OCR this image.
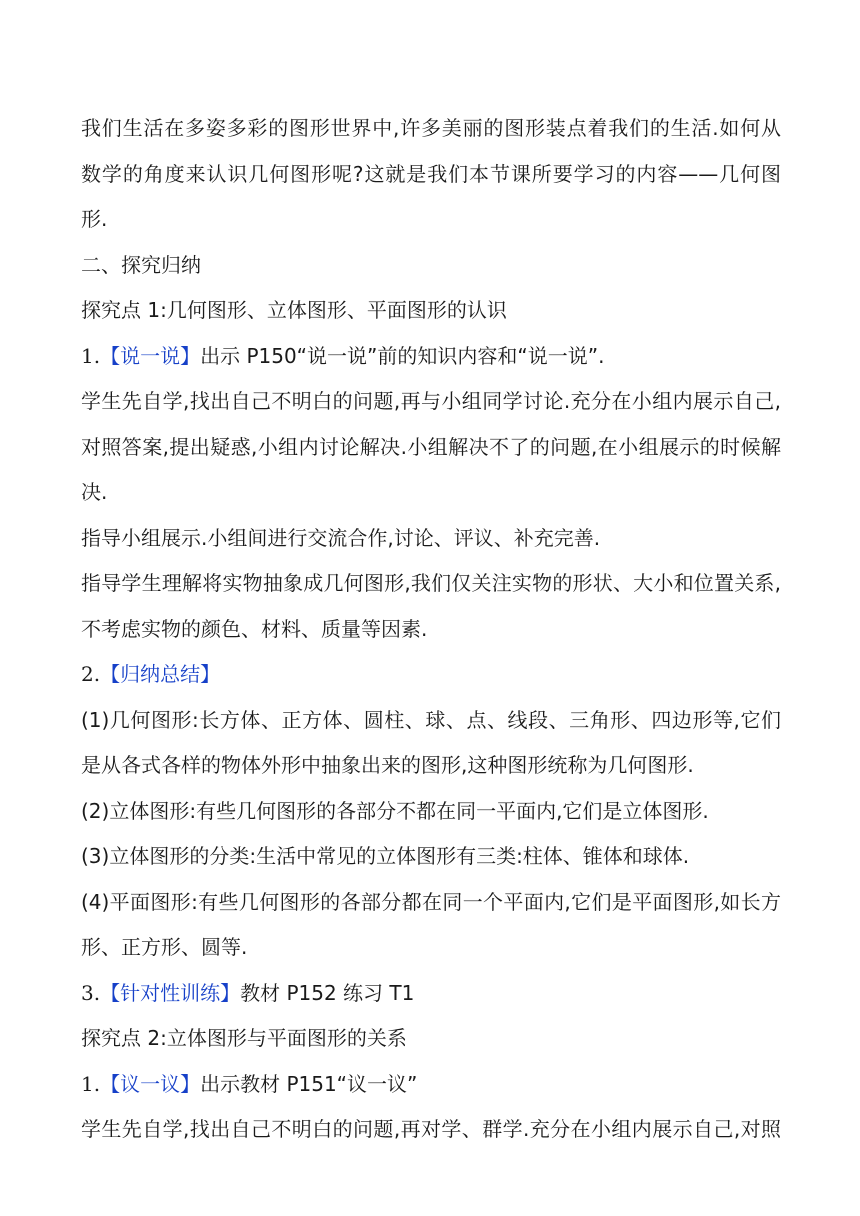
我们生活在多姿多彩的图形世界中,许多美丽的图形装点着我们的生活.如何从
数学的角度来认识几何图形呢?这就是我们本节课所要学习的内容——几何图
形.
二、探究归纳
探究点 1:几何图形、立体图形、平面图形的认识
1.【说一说】出示 P150“说一说”前的知识内容和“说一说”.
学生先自学,找出自己不明白的问题,再与小组同学讨论.充分在小组内展示自己,
对照答案,提出疑惑,小组内讨论解决.小组解决不了的问题,在小组展示的时候解
决.
指导小组展示.小组间进行交流合作,讨论、评议、补充完善.
指导学生理解将实物抽象成几何图形,我们仅关注实物的形状、大小和位置关系,
不考虑实物的颜色、材料、质量等因素.
2.【归纳总结】
(1)几何图形:长方体、正方体、圆柱、球、点、线段、三角形、四边形等,它们
是从各式各样的物体外形中抽象出来的图形,这种图形统称为几何图形.
(2)立体图形:有些几何图形的各部分不都在同一平面内,它们是立体图形.
(3)立体图形的分类:生活中常见的立体图形有三类:柱体、锥体和球体.
(4)平面图形:有些几何图形的各部分都在同一个平面内,它们是平面图形,如长方
形、正方形、圆等.
3.【针对性训练】教材 P152 练习 T1
探究点 2:立体图形与平面图形的关系
1.【议一议】出示教材 P151“议一议”
学生先自学,找出自己不明白的问题,再对学、群学.充分在小组内展示自己,对照
